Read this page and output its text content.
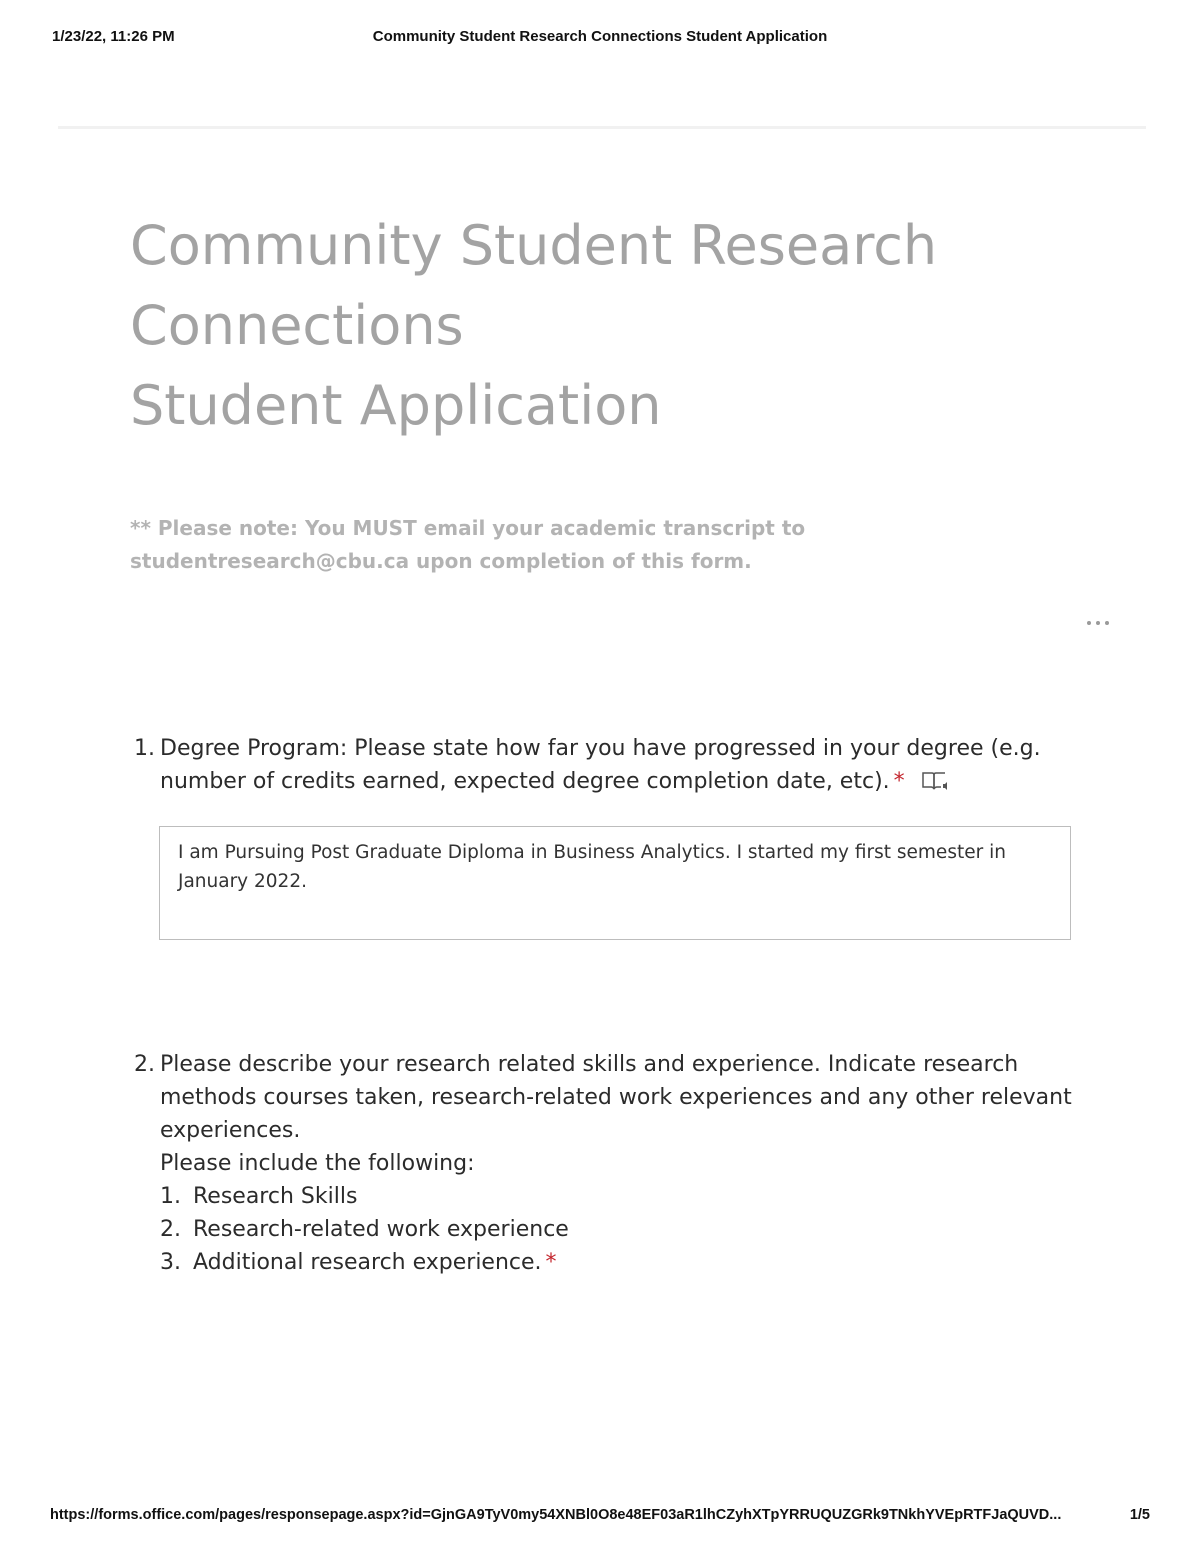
1/23/22, 11:26 PM	Community Student Research Connections Student Application
Community Student Research
Connections
Student Application

** Please note: You MUST email your academic transcript to studentresearch@cbu.ca upon completion of this form.

1. Degree Program: Please state how far you have progressed in your degree (e.g. number of credits earned, expected degree completion date, etc). *
I am Pursuing Post Graduate Diploma in Business Analytics. I started my first semester in January 2022.
2. Please describe your research related skills and experience. Indicate research methods courses taken, research-related work experiences and any other relevant experiences.
Please include the following:
1. Research Skills
2. Research-related work experience
3. Additional research experience. *
https://forms.office.com/pages/responsepage.aspx?id=GjnGA9TyV0my54XNBl0O8e48EF03aR1lhCZyhXTpYRRUQUZGRk9TNkhYVEpRTFJaQUVD...	1/5
